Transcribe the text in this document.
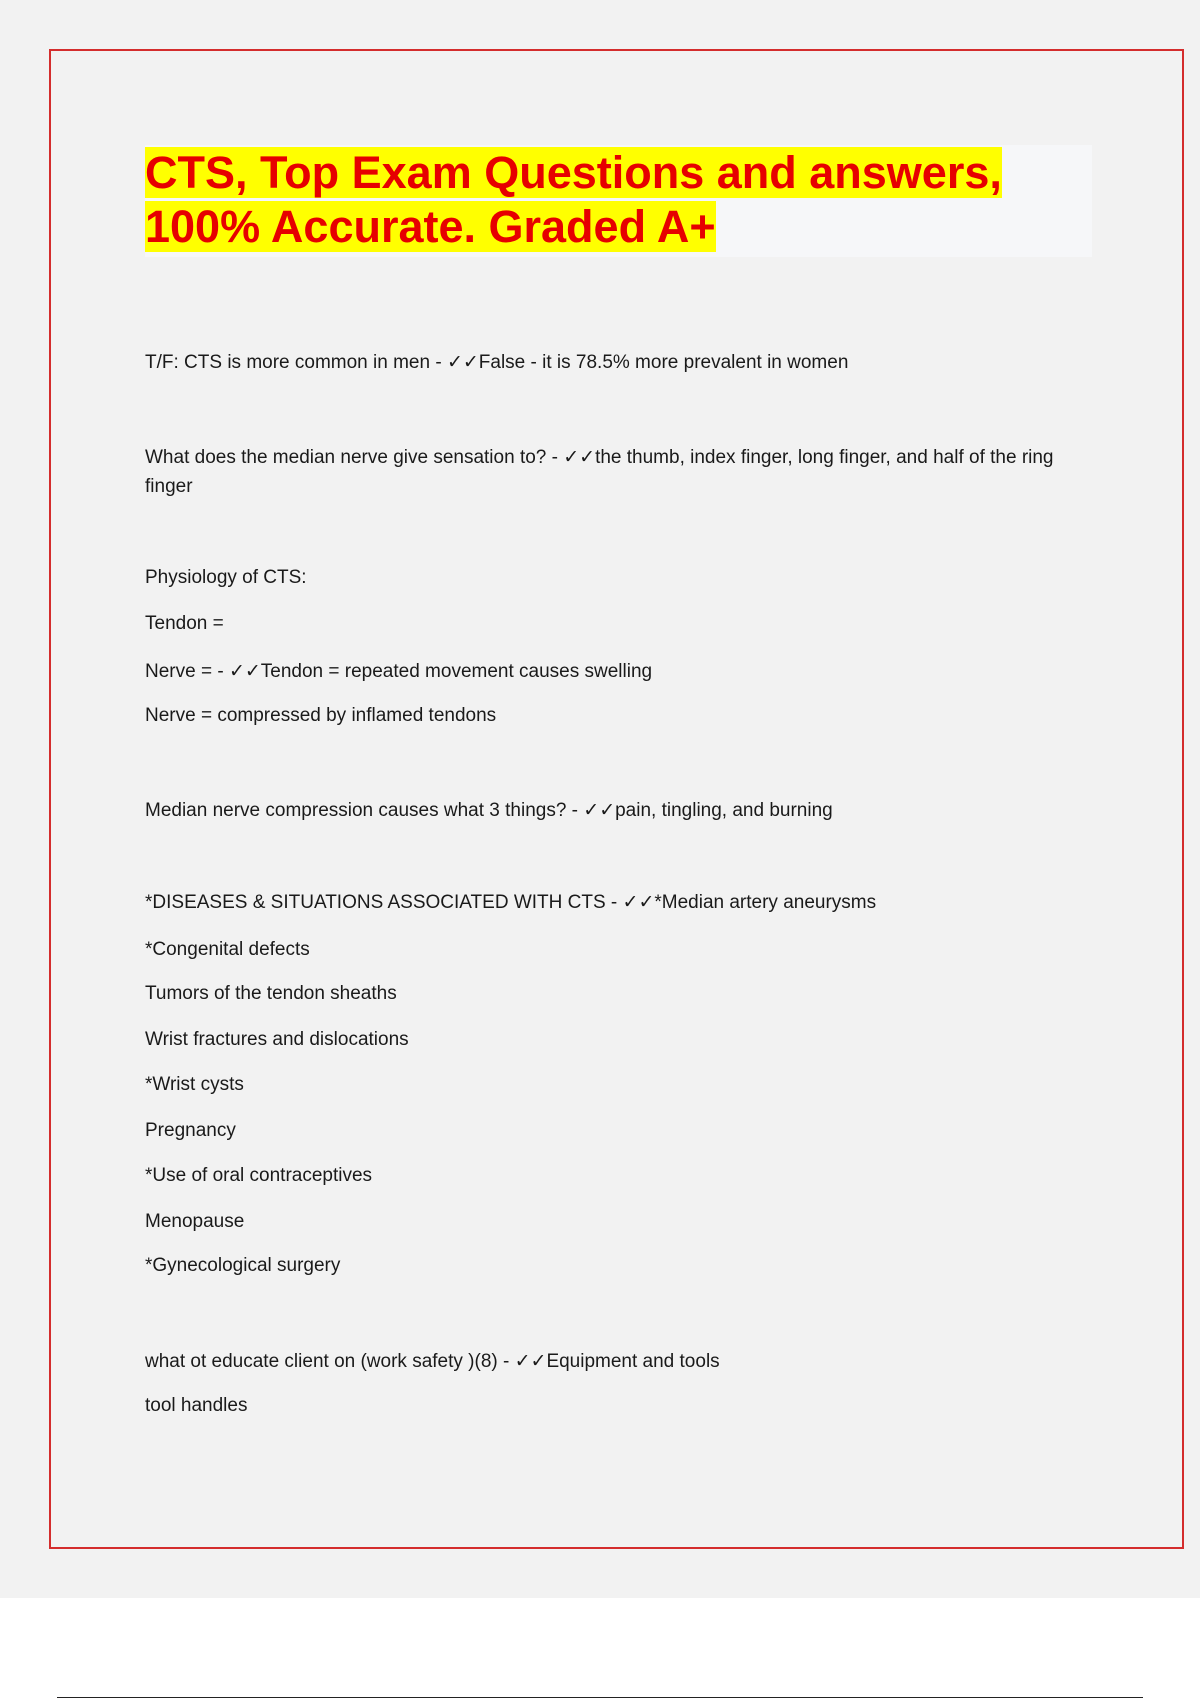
CTS, Top Exam Questions and answers,
100% Accurate. Graded A+
T/F: CTS is more common in men - ✓✓False - it is 78.5% more prevalent in women
What does the median nerve give sensation to? - ✓✓the thumb, index finger, long finger, and half of the ring finger
Physiology of CTS:
Tendon =
Nerve = - ✓✓Tendon = repeated movement causes swelling
Nerve = compressed by inflamed tendons
Median nerve compression causes what 3 things? - ✓✓pain, tingling, and burning
*DISEASES & SITUATIONS ASSOCIATED WITH CTS - ✓✓*Median artery aneurysms
*Congenital defects
Tumors of the tendon sheaths
Wrist fractures and dislocations
*Wrist cysts
Pregnancy
*Use of oral contraceptives
Menopause
*Gynecological surgery
what ot educate client on (work safety )(8) - ✓✓Equipment and tools
tool handles
